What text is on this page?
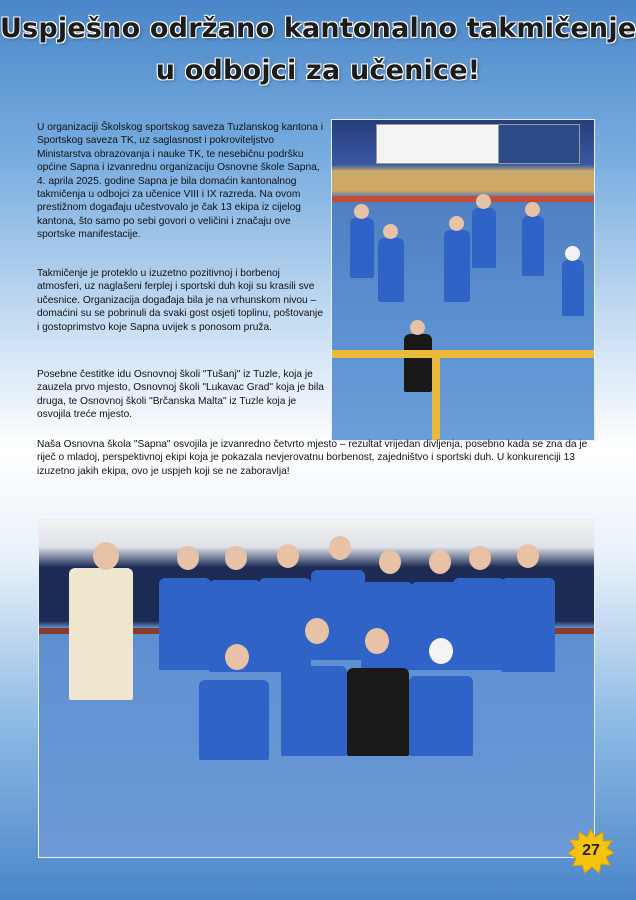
Uspješno održano kantonalno takmičenje
u odbojci za učenice!
U organizaciji Školskog sportskog saveza Tuzlanskog kantona i Sportskog saveza TK, uz saglasnost i pokroviteljstvo Ministarstva obrazovanja i nauke TK, te nesebičnu podršku općine Sapna i izvanrednu organizaciju Osnovne škole Sapna, 4. aprila 2025. godine Sapna je bila domaćin kantonalnog takmičenja u odbojci za učenice VIII i IX razreda. Na ovom prestižnom događaju učestvovalo je čak 13 ekipa iz cijelog kantona, što samo po sebi govori o veličini i značaju ove sportske manifestacije.
Takmičenje je proteklo u izuzetno pozitivnoj i borbenoj atmosferi, uz naglašeni ferplej i sportski duh koji su krasili sve učesnice. Organizacija događaja bila je na vrhunskom nivou – domaćini su se pobrinuli da svaki gost osjeti toplinu, poštovanje i gostoprimstvo koje Sapna uvijek s ponosom pruža.
Posebne čestitke idu Osnovnoj školi "Tušanj" iz Tuzle, koja je zauzela prvo mjesto, Osnovnoj školi "Lukavac Grad" koja je bila druga, te Osnovnoj školi "Brčanska Malta" iz Tuzle koja je osvojila treće mjesto.
Naša Osnovna škola "Sapna" osvojila je izvanredno četvrto mjesto – rezultat vrijedan divljenja, posebno kada se zna da je riječ o mladoj, perspektivnoj ekipi koja je pokazala nevjerovatnu borbenost, zajedništvo i sportski duh. U konkurenciji 13 izuzetno jakih ekipa, ovo je uspjeh koji se ne zaboravlja!
27
